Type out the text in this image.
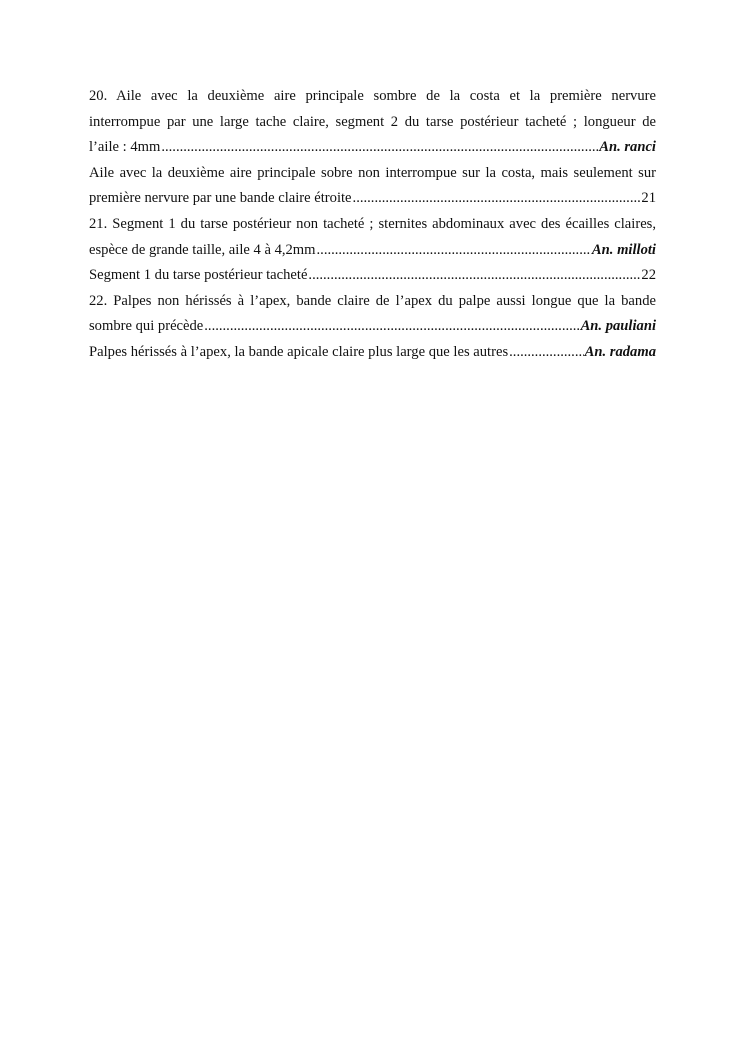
20. Aile avec la deuxième aire principale sombre de la costa et la première nervure
interrompue par une large tache claire, segment 2 du tarse postérieur tacheté ; longueur de
l’aile : 4mm .....	An. ranci
Aile avec la deuxième aire principale sobre non interrompue sur la costa, mais seulement sur
première nervure par une bande claire étroite .....	21
21. Segment 1 du tarse postérieur non tacheté ; sternites abdominaux avec des écailles claires,
espèce de grande taille, aile 4 à 4,2mm .....	An. milloti
Segment 1 du tarse postérieur tacheté .....	22
22. Palpes non hérissés à l’apex, bande claire de l’apex du palpe aussi longue que la bande
sombre qui précède .....	An. pauliani
Palpes hérissés à l’apex, la bande apicale claire plus large que les autres .....	An. radama
